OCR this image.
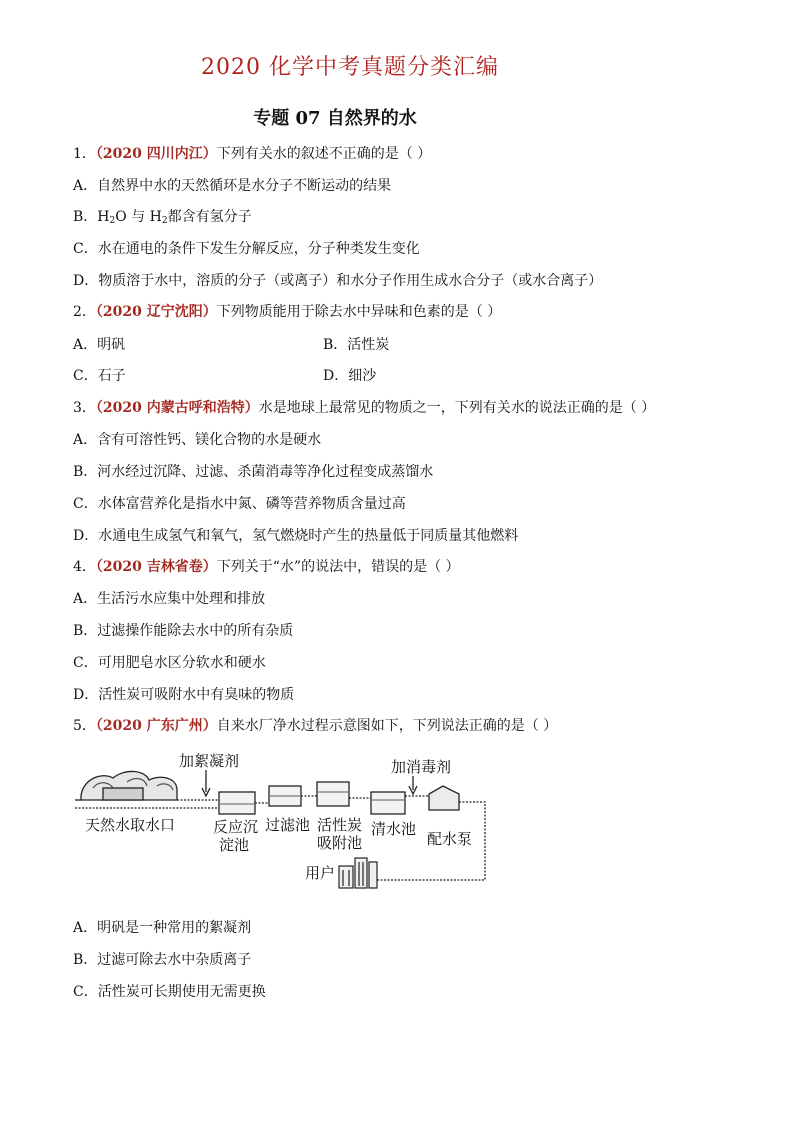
2020 化学中考真题分类汇编
专题 07 自然界的水
1．（2020 四川内江）下列有关水的叙述不正确的是（ ）
A．自然界中水的天然循环是水分子不断运动的结果
B．$H_2O$ 与 $H_2$都含有氢分子
C．水在通电的条件下发生分解反应，分子种类发生变化
D．物质溶于水中，溶质的分子（或离子）和水分子作用生成水合分子（或水合离子）
2．（2020 辽宁沈阳）下列物质能用于除去水中异味和色素的是（ ）
A．明矾	B．活性炭
C．石子	D．细沙
3．（2020 内蒙古呼和浩特）水是地球上最常见的物质之一，下列有关水的说法正确的是（ ）
A．含有可溶性钙、镁化合物的水是硬水
B．河水经过沉降、过滤、杀菌消毒等净化过程变成蒸馏水
C．水体富营养化是指水中氮、磷等营养物质含量过高
D．水通电生成氢气和氧气，氢气燃烧时产生的热量低于同质量其他燃料
4．（2020 吉林省卷）下列关于“水”的说法中，错误的是（ ）
A．生活污水应集中处理和排放
B．过滤操作能除去水中的所有杂质
C．可用肥皂水区分软水和硬水
D．活性炭可吸附水中有臭味的物质
5．（2020 广东广州）自来水厂净水过程示意图如下，下列说法正确的是（ ）
加絮凝剂	加消毒剂
天然水取水口	反应沉
淀池
过滤池 活性炭
吸附池
清水池
配水泵
用户
A．明矾是一种常用的絮凝剂
B．过滤可除去水中杂质离子
C．活性炭可长期使用无需更换
